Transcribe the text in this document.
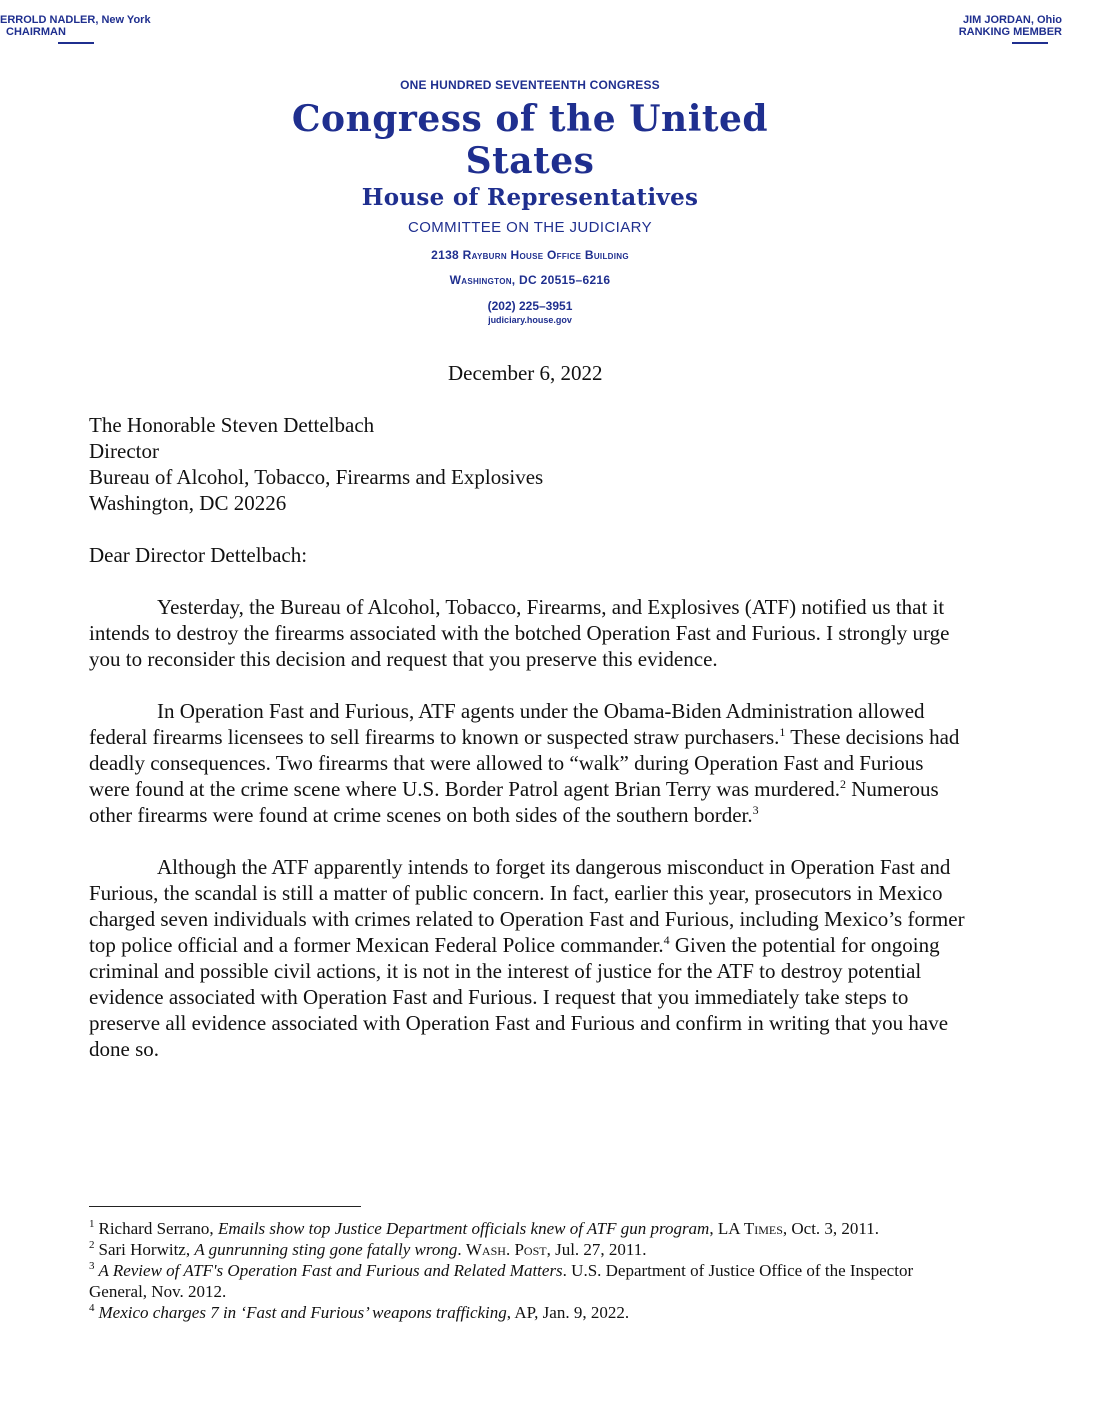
ERROLD NADLER, New York
CHAIRMAN
JIM JORDAN, Ohio
RANKING MEMBER
ONE HUNDRED SEVENTEENTH CONGRESS
Congress of the United States
House of Representatives
COMMITTEE ON THE JUDICIARY
2138 Rayburn House Office Building
Washington, DC 20515–6216
(202) 225–3951
judiciary.house.gov
December 6, 2022
The Honorable Steven Dettelbach
Director
Bureau of Alcohol, Tobacco, Firearms and Explosives
Washington, DC 20226
Dear Director Dettelbach:

Yesterday, the Bureau of Alcohol, Tobacco, Firearms, and Explosives (ATF) notified us that it intends to destroy the firearms associated with the botched Operation Fast and Furious. I strongly urge you to reconsider this decision and request that you preserve this evidence.

In Operation Fast and Furious, ATF agents under the Obama-Biden Administration allowed federal firearms licensees to sell firearms to known or suspected straw purchasers.$^1$ These decisions had deadly consequences. Two firearms that were allowed to “walk” during Operation Fast and Furious were found at the crime scene where U.S. Border Patrol agent Brian Terry was murdered.$^2$ Numerous other firearms were found at crime scenes on both sides of the southern border.$^3$

Although the ATF apparently intends to forget its dangerous misconduct in Operation Fast and Furious, the scandal is still a matter of public concern. In fact, earlier this year, prosecutors in Mexico charged seven individuals with crimes related to Operation Fast and Furious, including Mexico’s former top police official and a former Mexican Federal Police commander.$^4$ Given the potential for ongoing criminal and possible civil actions, it is not in the interest of justice for the ATF to destroy potential evidence associated with Operation Fast and Furious. I request that you immediately take steps to preserve all evidence associated with Operation Fast and Furious and confirm in writing that you have done so.

$^1$ Richard Serrano, Emails show top Justice Department officials knew of ATF gun program, LA Times, Oct. 3, 2011.

$^2$ Sari Horwitz, A gunrunning sting gone fatally wrong. Wash. Post, Jul. 27, 2011.

$^3$ A Review of ATF's Operation Fast and Furious and Related Matters. U.S. Department of Justice Office of the Inspector General, Nov. 2012.

$^4$ Mexico charges 7 in ‘Fast and Furious’ weapons trafficking, AP, Jan. 9, 2022.
